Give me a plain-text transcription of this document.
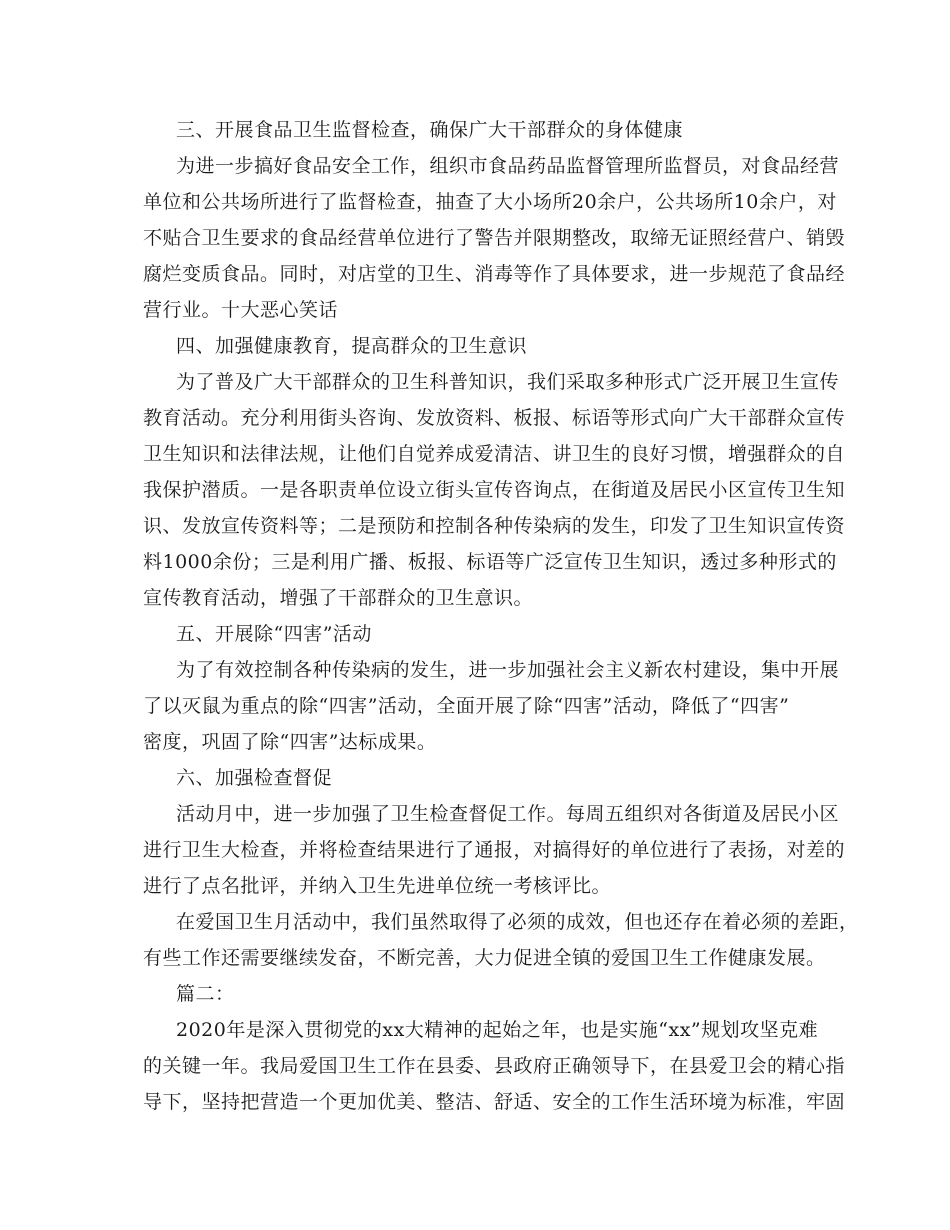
三、开展食品卫生监督检查，确保广大干部群众的身体健康
为进一步搞好食品安全工作，组织市食品药品监督管理所监督员，对食品经营
单位和公共场所进行了监督检查，抽查了大小场所20余户，公共场所10余户，对
不贴合卫生要求的食品经营单位进行了警告并限期整改，取缔无证照经营户、销毁
腐烂变质食品。同时，对店堂的卫生、消毒等作了具体要求，进一步规范了食品经
营行业。十大恶心笑话
四、加强健康教育，提高群众的卫生意识
为了普及广大干部群众的卫生科普知识，我们采取多种形式广泛开展卫生宣传
教育活动。充分利用街头咨询、发放资料、板报、标语等形式向广大干部群众宣传
卫生知识和法律法规，让他们自觉养成爱清洁、讲卫生的良好习惯，增强群众的自
我保护潜质。一是各职责单位设立街头宣传咨询点，在街道及居民小区宣传卫生知
识、发放宣传资料等；二是预防和控制各种传染病的发生，印发了卫生知识宣传资
料1000余份；三是利用广播、板报、标语等广泛宣传卫生知识，透过多种形式的
宣传教育活动，增强了干部群众的卫生意识。
五、开展除“四害”活动
为了有效控制各种传染病的发生，进一步加强社会主义新农村建设，集中开展
了以灭鼠为重点的除“四害”活动，全面开展了除“四害”活动，降低了“四害”
密度，巩固了除“四害”达标成果。
六、加强检查督促
活动月中，进一步加强了卫生检查督促工作。每周五组织对各街道及居民小区
进行卫生大检查，并将检查结果进行了通报，对搞得好的单位进行了表扬，对差的
进行了点名批评，并纳入卫生先进单位统一考核评比。
在爱国卫生月活动中，我们虽然取得了必须的成效，但也还存在着必须的差距，
有些工作还需要继续发奋，不断完善，大力促进全镇的爱国卫生工作健康发展。
篇二：
2020年是深入贯彻党的xx大精神的起始之年，也是实施“xx”规划攻坚克难
的关键一年。我局爱国卫生工作在县委、县政府正确领导下，在县爱卫会的精心指
导下，坚持把营造一个更加优美、整洁、舒适、安全的工作生活环境为标准，牢固
